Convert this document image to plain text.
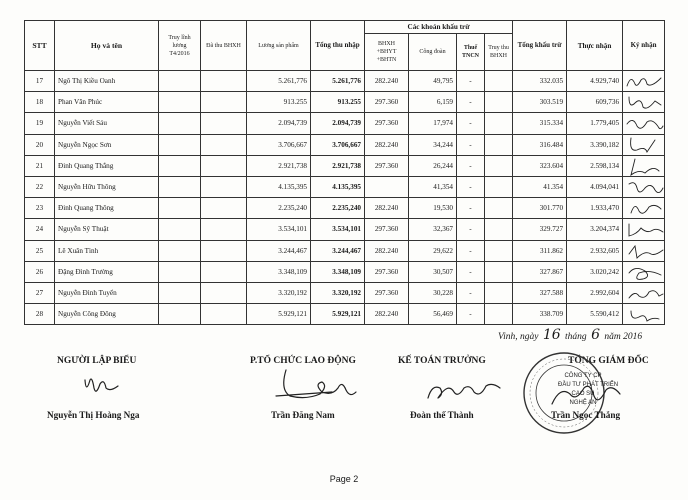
STT	Họ và tên	Truy lĩnh lương T4/2016	Đã thu BHXH	Lương sản phẩm	Tổng thu nhập	Các khoản khấu trừ				Tổng khấu trừ	Thực nhận	Ký nhận
						BHXH +BHYT +BHTN	Công đoàn	Thuế TNCN	Truy thu BHXH			
17	Ngô Thị Kiều Oanh			5.261,776	5.261,776	282.240	49,795	-		332.035	4.929,740	

18	Phan Văn Phúc			913.255	913.255	297.360	6,159	-		303.519	609,736	

19	Nguyễn Viết Sáu			2.094,739	2.094,739	297.360	17,974	-		315.334	1.779,405	

20	Nguyễn Ngọc Sơn			3.706,667	3.706,667	282.240	34,244	-		316.484	3.390,182	

21	Đinh Quang Thắng			2.921,738	2.921,738	297.360	26,244	-		323.604	2.598,134	

22	Nguyễn Hữu Thông			4.135,395	4.135,395		41,354	-		41.354	4.094,041	

23	Đinh Quang Thông			2.235,240	2.235,240	282.240	19,530	-		301.770	1.933,470	

24	Nguyễn Sỹ Thuật			3.534,101	3.534,101	297.360	32,367	-		329.727	3.204,374	

25	Lê Xuân Tình			3.244,467	3.244,467	282.240	29,622	-		311.862	2.932,605	

26	Đặng Đình Trường			3.348,109	3.348,109	297.360	30,507	-		327.867	3.020,242	

27	Nguyễn Đình Tuyển			3.320,192	3.320,192	297.360	30,228	-		327.588	2.992,604	

28	Nguyễn Công Đông			5.929,121	5.929,121	282.240	56,469	-		338.709	5.590,412	
Vinh, ngày 16 tháng 6 năm 2016
NGƯỜI LẬP BIỂU
Nguyễn Thị Hoàng Nga
P.TỔ CHỨC LAO ĐỘNG
Trần Đăng Nam
KẾ TOÁN TRƯỞNG
Đoàn thế Thành
TỔNG GIÁM ĐỐC
CÔNG TY CP
ĐẦU TƯ PHÁT TRIỂN
CAO SU
NGHỆ AN
Trần Ngọc Thắng
Page 2
